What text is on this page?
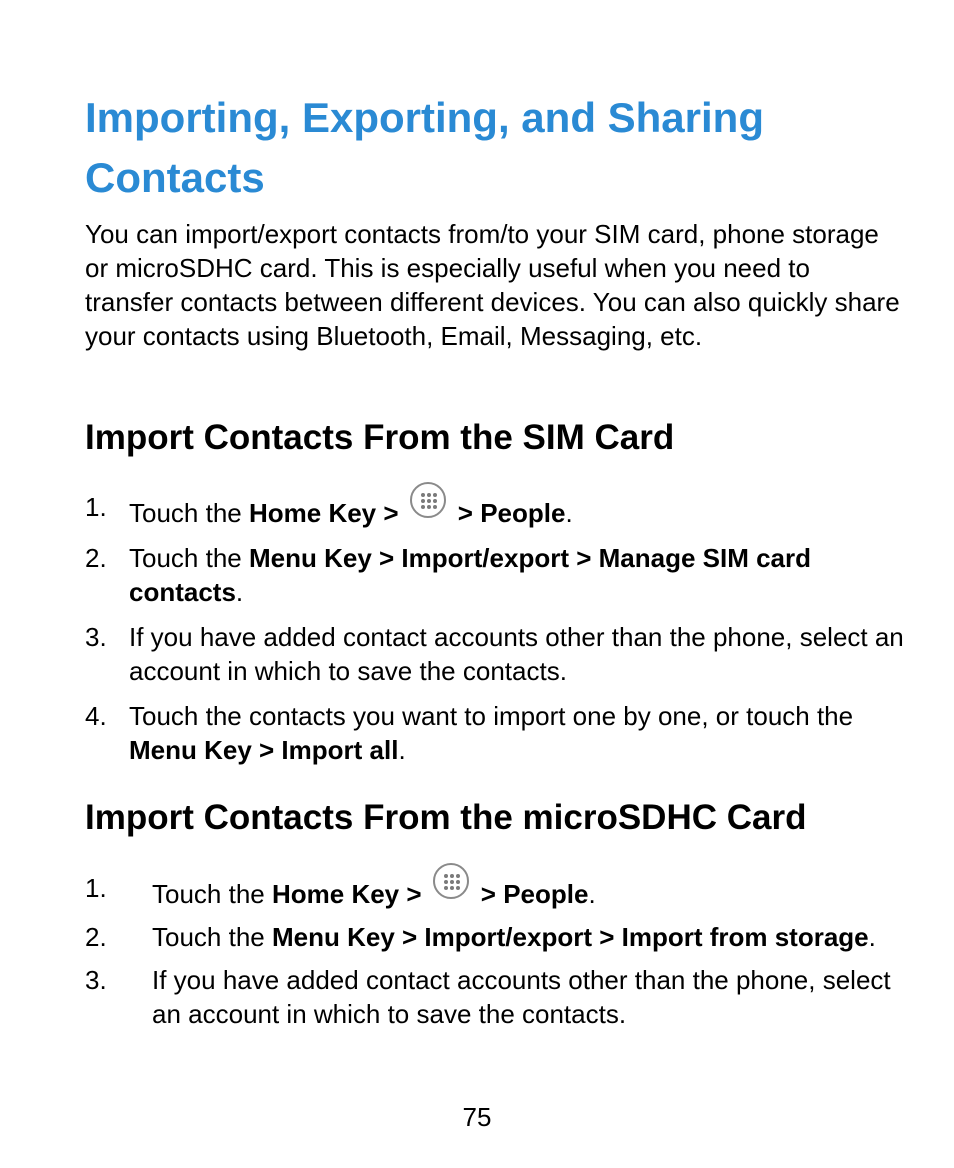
Importing, Exporting, and Sharing Contacts

You can import/export contacts from/to your SIM card, phone storage or microSDHC card. This is especially useful when you need to transfer contacts between different devices. You can also quickly share your contacts using Bluetooth, Email, Messaging, etc.

Import Contacts From the SIM Card
1. Touch the Home Key > > People.
2. Touch the Menu Key > Import/export > Manage SIM card contacts.
3. If you have added contact accounts other than the phone, select an account in which to save the contacts.
4. Touch the contacts you want to import one by one, or touch the Menu Key > Import all.
Import Contacts From the microSDHC Card
1. Touch the Home Key > > People.
2. Touch the Menu Key > Import/export > Import from storage.
3. If you have added contact accounts other than the phone, select an account in which to save the contacts.
75
